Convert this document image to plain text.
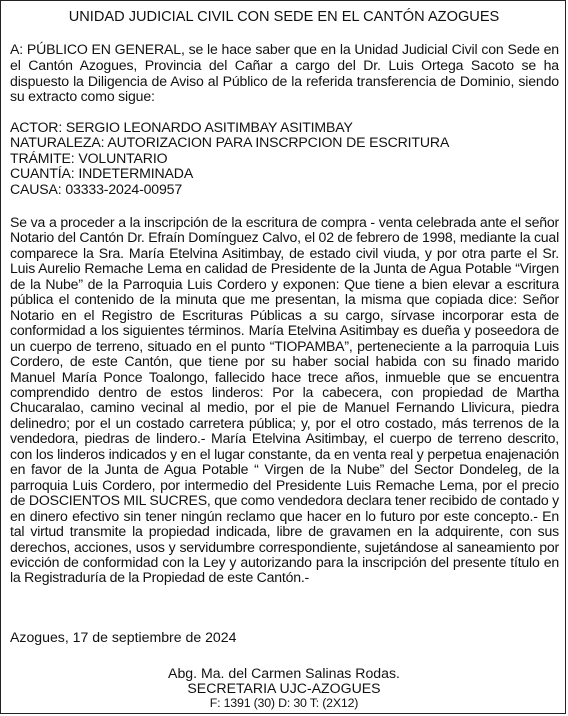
UNIDAD JUDICIAL CIVIL CON SEDE EN EL CANTÓN AZOGUES
A: PÚBLICO EN GENERAL, se le hace saber que en la Unidad Judicial Civil con Sede en el Cantón Azogues, Provincia del Cañar a cargo del Dr. Luis Ortega Sacoto se ha dispuesto la Diligencia de Aviso al Público de la referida transferencia de Dominio, siendo su extracto como sigue:
ACTOR: SERGIO LEONARDO ASITIMBAY ASITIMBAY
NATURALEZA: AUTORIZACION PARA INSCRPCION DE ESCRITURA
TRÁMITE: VOLUNTARIO
CUANTÍA: INDETERMINADA
CAUSA: 03333-2024-00957
Se va a proceder a la inscripción de la escritura de compra - venta celebrada ante el señor Notario del Cantón Dr. Efraín Domínguez Calvo, el 02 de febrero de 1998, mediante la cual comparece la Sra. María Etelvina Asitimbay, de estado civil viuda, y por otra parte el Sr. Luis Aurelio Remache Lema en calidad de Presidente de la Junta de Agua Potable “Virgen de la Nube” de la Parroquia Luis Cordero y exponen: Que tiene a bien elevar a escritura pública el contenido de la minuta que me presentan, la misma que copiada dice: Señor Notario en el Registro de Escrituras Públicas a su cargo, sírvase incorporar esta de conformidad a los siguientes términos. María Etelvina Asitimbay es dueña y poseedora de un cuerpo de terreno, situado en el punto “TIOPAMBA”, perteneciente a la parroquia Luis Cordero, de este Cantón, que tiene por su haber social habida con su finado marido Manuel María Ponce Toalongo, fallecido hace trece años, inmueble que se encuentra comprendido dentro de estos linderos: Por la cabecera, con propiedad de Martha Chucaralao, camino vecinal al medio, por el pie de Manuel Fernando Llivicura, piedra delinedro; por el un costado carretera pública; y, por el otro costado, más terrenos de la vendedora, piedras de lindero.- María Etelvina Asitimbay, el cuerpo de terreno descrito, con los linderos indicados y en el lugar constante, da en venta real y perpetua enajenación en favor de la Junta de Agua Potable “ Virgen de la Nube” del Sector Dondeleg, de la parroquia Luis Cordero, por intermedio del Presidente Luis Remache Lema, por el precio de DOSCIENTOS MIL SUCRES, que como vendedora declara tener recibido de contado y en dinero efectivo sin tener ningún reclamo que hacer en lo futuro por este concepto.- En tal virtud transmite la propiedad indicada, libre de gravamen en la adquirente, con sus derechos, acciones, usos y servidumbre correspondiente, sujetándose al saneamiento por evicción de conformidad con la Ley y autorizando para la inscripción del presente título en la Registraduría de la Propiedad de este Cantón.-
Azogues, 17 de septiembre de 2024
Abg. Ma. del Carmen Salinas Rodas.
SECRETARIA UJC-AZOGUES
F: 1391 (30) D: 30 T: (2X12)
